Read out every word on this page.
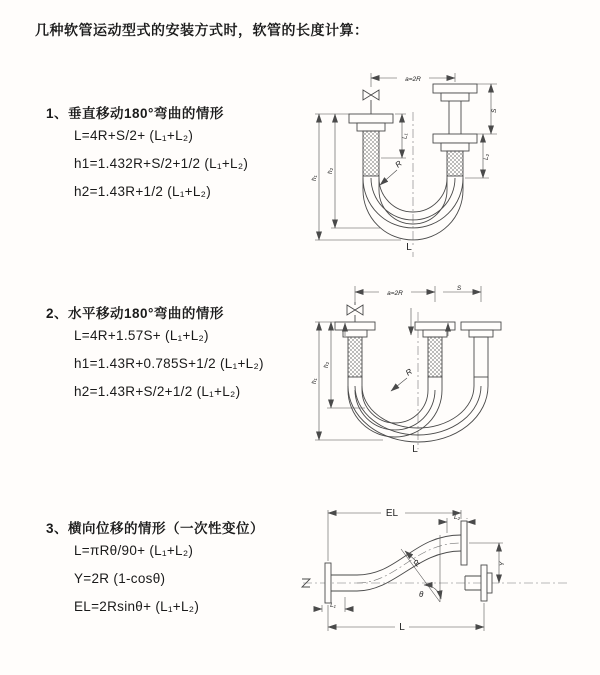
几种软管运动型式的安装方式时，软管的长度计算：
1、垂直移动180°弯曲的情形
L=4R+S/2+ (L₁+L₂)
h1=1.432R+S/2+1/2 (L₁+L₂)
h2=1.43R+1/2 (L₁+L₂)
2、水平移动180°弯曲的情形
L=4R+1.57S+ (L₁+L₂)
h1=1.43R+0.785S+1/2 (L₁+L₂)
h2=1.43R+S/2+1/2 (L₁+L₂)
3、横向位移的情形（一次性变位）
L=πRθ/90+ (L₁+L₂)
Y=2R (1-cosθ)
EL=2Rsinθ+ (L₁+L₂)
a=2R
L₁
S
L₂
h₂
h₁
R
L
a=2R
S
h₂
h₁
R
L
L₂
EL
Y
θ
R
L₁
L
